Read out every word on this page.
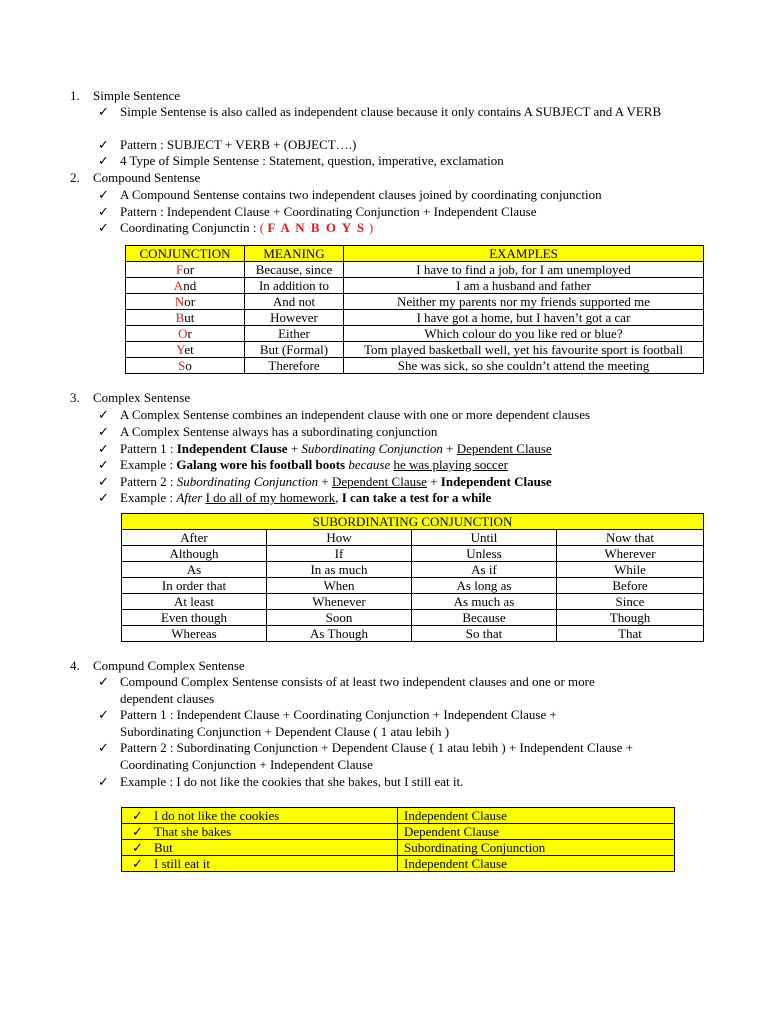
1. Simple Sentence
✓ Simple Sentense is also called as independent clause because it only contains A SUBJECT and A VERB
✓ Pattern : SUBJECT + VERB + (OBJECT….)
✓ 4 Type of Simple Sentense : Statement, question, imperative, exclamation
2. Compound Sentense
✓ A Compound Sentense contains two independent clauses joined by coordinating conjunction
✓ Pattern : Independent Clause + Coordinating Conjunction + Independent Clause
✓ Coordinating Conjunctin : ( F A N B O Y S )
CONJUNCTION	MEANING	EXAMPLES
For	Because, since	I have to find a job, for I am unemployed
And	In addition to	I am a husband and father
Nor	And not	Neither my parents nor my friends supported me
But	However	I have got a home, but I haven’t got a car
Or	Either	Which colour do you like red or blue?
Yet	But (Formal)	Tom played basketball well, yet his favourite sport is football
So	Therefore	She was sick, so she couldn’t attend the meeting
3. Complex Sentense
✓ A Complex Sentense combines an independent clause with one or more dependent clauses
✓ A Complex Sentense always has a subordinating conjunction
✓ Pattern 1 : Independent Clause + Subordinating Conjunction + Dependent Clause
✓ Example : Galang wore his football boots because he was playing soccer
✓ Pattern 2 : Subordinating Conjunction + Dependent Clause + Independent Clause
✓ Example : After I do all of my homework, I can take a test for a while
SUBORDINATING CONJUNCTION			
After	How	Until	Now that
Although	If	Unless	Wherever
As	In as much	As if	While
In order that	When	As long as	Before
At least	Whenever	As much as	Since
Even though	Soon	Because	Though
Whereas	As Though	So that	That
4. Compund Complex Sentense
✓ Compound Complex Sentense consists of at least two independent clauses and one or more dependent clauses
✓ Pattern 1 : Independent Clause + Coordinating Conjunction + Independent Clause + Subordinating Conjunction + Dependent Clause ( 1 atau lebih )
✓ Pattern 2 : Subordinating Conjunction + Dependent Clause ( 1 atau lebih ) + Independent Clause + Coordinating Conjunction + Independent Clause
✓ Example : I do not like the cookies that she bakes, but I still eat it.
✓ I do not like the cookies	Independent Clause
✓ That she bakes	Dependent Clause
✓ But	Subordinating Conjunction
✓ I still eat it	Independent Clause
